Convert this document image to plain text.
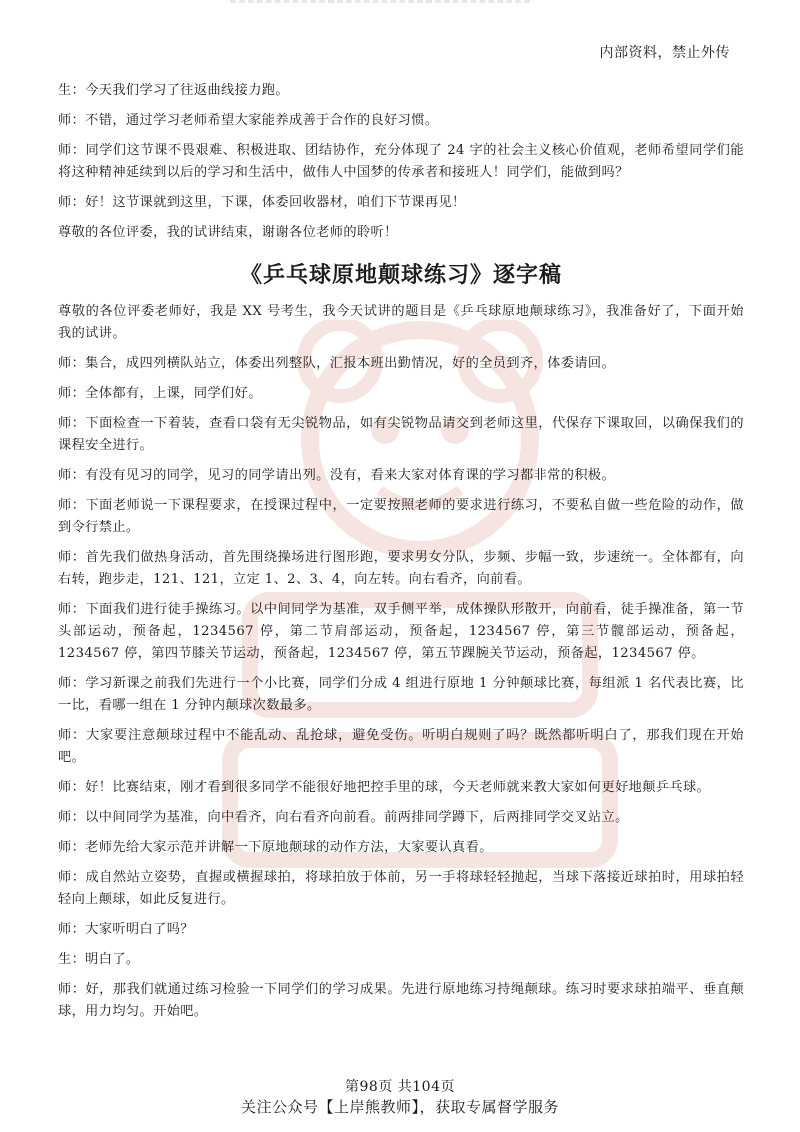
内部资料，禁止外传

生：今天我们学习了往返曲线接力跑。

师：不错，通过学习老师希望大家能养成善于合作的良好习惯。

师：同学们这节课不畏艰难、积极进取、团结协作，充分体现了 24 字的社会主义核心价值观，老师希望同学们能将这种精神延续到以后的学习和生活中，做伟人中国梦的传承者和接班人！同学们，能做到吗？

师：好！这节课就到这里，下课，体委回收器材，咱们下节课再见！

尊敬的各位评委，我的试讲结束，谢谢各位老师的聆听！

《乒乓球原地颠球练习》逐字稿

尊敬的各位评委老师好，我是 XX 号考生，我今天试讲的题目是《乒乓球原地颠球练习》，我准备好了，下面开始我的试讲。

师：集合，成四列横队站立，体委出列整队，汇报本班出勤情况，好的全员到齐，体委请回。

师：全体都有，上课，同学们好。

师：下面检查一下着装，查看口袋有无尖锐物品，如有尖锐物品请交到老师这里，代保存下课取回，以确保我们的课程安全进行。

师：有没有见习的同学，见习的同学请出列。没有，看来大家对体育课的学习都非常的积极。

师：下面老师说一下课程要求，在授课过程中，一定要按照老师的要求进行练习，不要私自做一些危险的动作，做到令行禁止。

师：首先我们做热身活动，首先围绕操场进行图形跑，要求男女分队，步频、步幅一致，步速统一。全体都有，向右转，跑步走，121、121，立定 1、2、3、4，向左转。向右看齐，向前看。

师：下面我们进行徒手操练习。以中间同学为基准，双手侧平举，成体操队形散开，向前看，徒手操准备，第一节头部运动，预备起，1234567 停，第二节肩部运动，预备起，1234567 停，第三节髋部运动，预备起，1234567 停，第四节膝关节运动，预备起，1234567 停，第五节踝腕关节运动，预备起，1234567 停。

师：学习新课之前我们先进行一个小比赛，同学们分成 4 组进行原地 1 分钟颠球比赛，每组派 1 名代表比赛，比一比，看哪一组在 1 分钟内颠球次数最多。

师：大家要注意颠球过程中不能乱动、乱抢球，避免受伤。听明白规则了吗？既然都听明白了，那我们现在开始吧。

师：好！比赛结束，刚才看到很多同学不能很好地把控手里的球，今天老师就来教大家如何更好地颠乒乓球。

师：以中间同学为基准，向中看齐，向右看齐向前看。前两排同学蹲下，后两排同学交叉站立。

师：老师先给大家示范并讲解一下原地颠球的动作方法，大家要认真看。

师：成自然站立姿势，直握或横握球拍，将球拍放于体前，另一手将球轻轻抛起，当球下落接近球拍时，用球拍轻轻向上颠球，如此反复进行。

师：大家听明白了吗？

生：明白了。

师：好，那我们就通过练习检验一下同学们的学习成果。先进行原地练习持绳颠球。练习时要求球拍端平、垂直颠球，用力均匀。开始吧。

第98页 共104页
关注公众号【上岸熊教师】，获取专属督学服务
